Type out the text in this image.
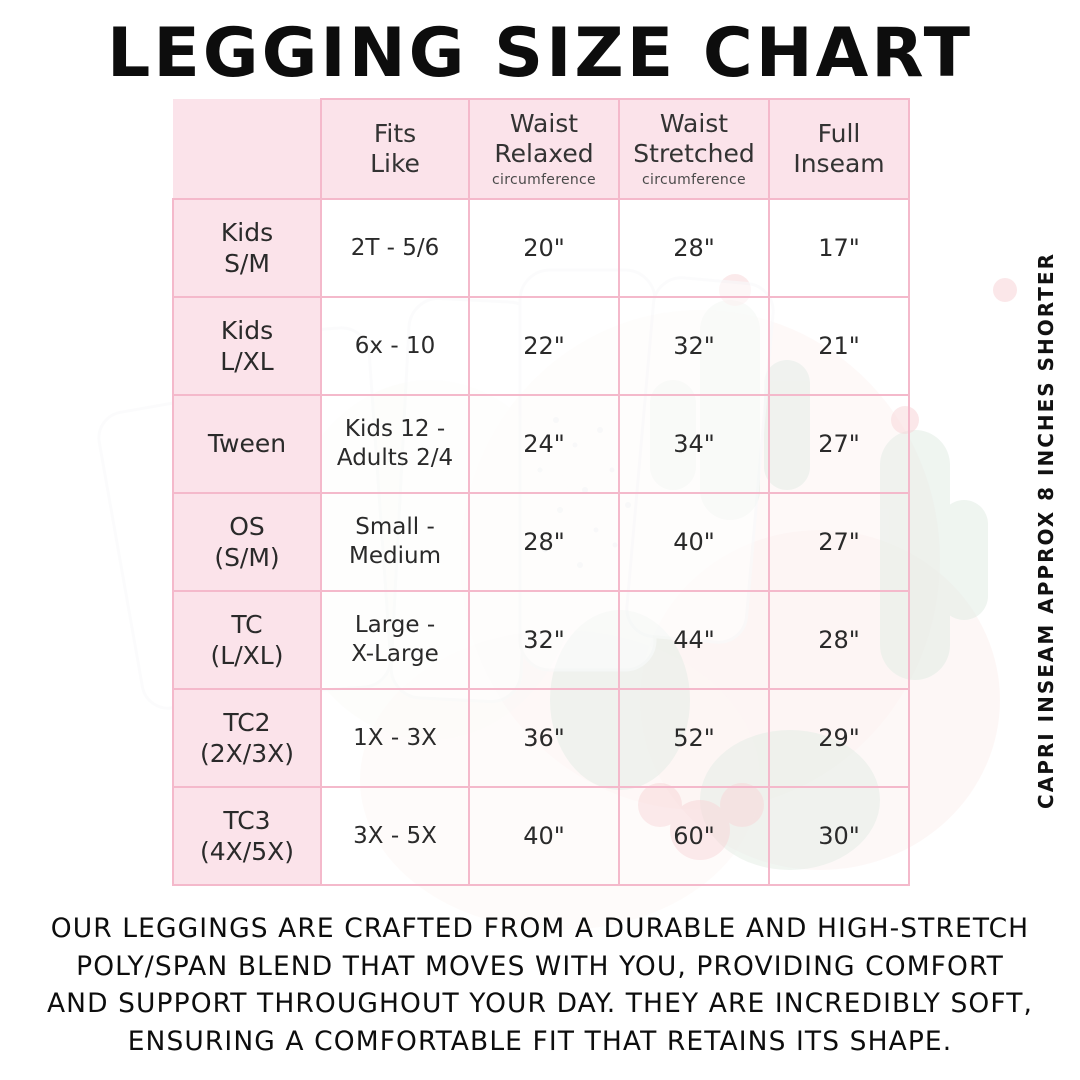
LEGGING SIZE CHART
	Fits
Like	Waist
Relaxed
circumference	Waist
Stretched
circumference	Full
Inseam
Kids
S/M	2T - 5/6	20"	28"	17"
Kids
L/XL	6x - 10	22"	32"	21"
Tween	Kids 12 -
Adults 2/4	24"	34"	27"
OS
(S/M)	Small -
Medium	28"	40"	27"
TC
(L/XL)	Large -
X-Large	32"	44"	28"
TC2
(2X/3X)	1X - 3X	36"	52"	29"
TC3
(4X/5X)	3X - 5X	40"	60"	30"
CAPRI INSEAM APPROX 8 INCHES SHORTER
OUR LEGGINGS ARE CRAFTED FROM A DURABLE AND HIGH-STRETCH
POLY/SPAN BLEND THAT MOVES WITH YOU, PROVIDING COMFORT
AND SUPPORT THROUGHOUT YOUR DAY. THEY ARE INCREDIBLY SOFT,
ENSURING A COMFORTABLE FIT THAT RETAINS ITS SHAPE.
